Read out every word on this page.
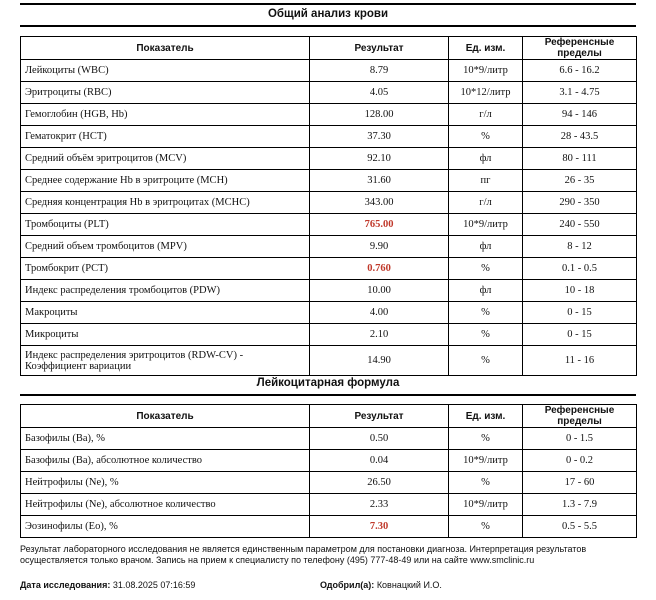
Общий анализ крови
Показатель	Результат	Ед. изм.	Референсные пределы
Лейкоциты (WBC)	8.79	10*9/литр	6.6 - 16.2
Эритроциты (RBC)	4.05	10*12/литр	3.1 - 4.75
Гемоглобин (HGB, Hb)	128.00	г/л	94 - 146
Гематокрит (HCT)	37.30	%	28 - 43.5
Средний объём эритроцитов (MCV)	92.10	фл	80 - 111
Среднее содержание Hb в эритроците (MCH)	31.60	пг	26 - 35
Средняя концентрация Hb в эритроцитах (MCHC)	343.00	г/л	290 - 350
Тромбоциты (PLT)	765.00	10*9/литр	240 - 550
Средний объем тромбоцитов (MPV)	9.90	фл	8 - 12
Тромбокрит (PCT)	0.760	%	0.1 - 0.5
Индекс распределения тромбоцитов (PDW)	10.00	фл	10 - 18
Макроциты	4.00	%	0 - 15
Микроциты	2.10	%	0 - 15
Индекс распределения эритроцитов (RDW-CV) - Коэффициент вариации	14.90	%	11 - 16
Лейкоцитарная формула
Показатель	Результат	Ед. изм.	Референсные пределы
Базофилы (Ba), %	0.50	%	0 - 1.5
Базофилы (Ba), абсолютное количество	0.04	10*9/литр	0 - 0.2
Нейтрофилы (Ne), %	26.50	%	17 - 60
Нейтрофилы (Ne), абсолютное количество	2.33	10*9/литр	1.3 - 7.9
Эозинофилы (Eo), %	7.30	%	0.5 - 5.5
Результат лабораторного исследования не является единственным параметром для постановки диагноза. Интерпретация результатов осуществляется только врачом. Запись на прием к специалисту по телефону (495) 777-48-49 или на сайте www.smclinic.ru
Дата исследования: 31.08.2025 07:16:59	Одобрил(а): Ковнацкий И.О.
